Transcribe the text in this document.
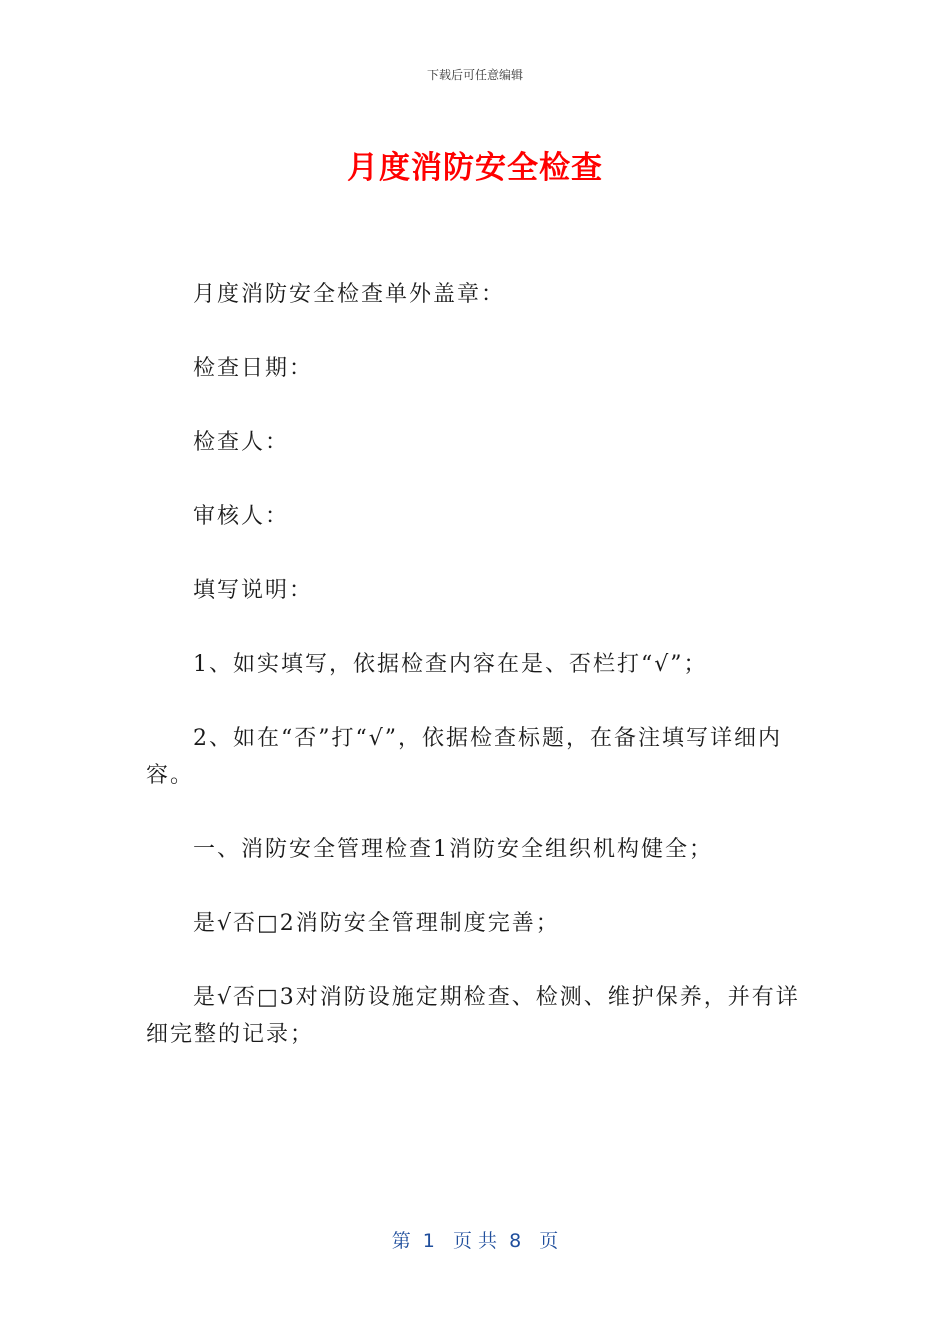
下载后可任意编辑
月度消防安全检查

月度消防安全检查单外盖章：

检查日期：

检查人：

审核人：

填写说明：

1、如实填写，依据检查内容在是、否栏打“√”；

2、如在“否”打“√”，依据检查标题，在备注填写详细内容。

一、消防安全管理检查1消防安全组织机构健全；

是√否□2消防安全管理制度完善；

是√否□3对消防设施定期检查、检测、维护保养，并有详细完整的记录；

第  1   页 共  8   页
